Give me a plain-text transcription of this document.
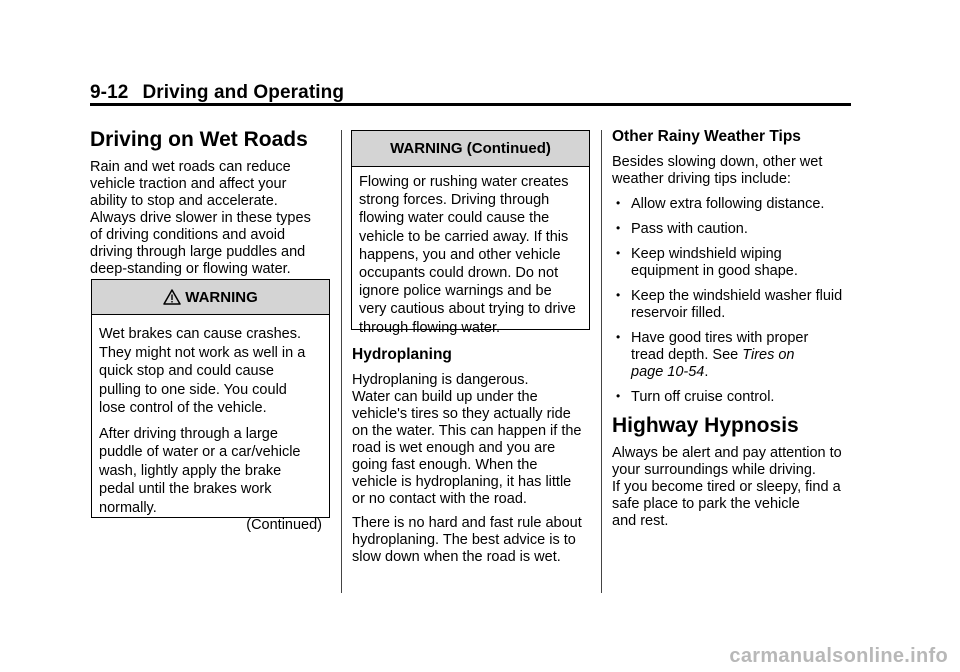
9-12 Driving and Operating
Driving on Wet Roads
Rain and wet roads can reduce
vehicle traction and affect your
ability to stop and accelerate.
Always drive slower in these types
of driving conditions and avoid
driving through large puddles and
deep-standing or flowing water.
WARNING

Wet brakes can cause crashes.
They might not work as well in a
quick stop and could cause
pulling to one side. You could
lose control of the vehicle.

After driving through a large
puddle of water or a car/vehicle
wash, lightly apply the brake
pedal until the brakes work
normally.

(Continued)
WARNING (Continued)
Flowing or rushing water creates
strong forces. Driving through
flowing water could cause the
vehicle to be carried away. If this
happens, you and other vehicle
occupants could drown. Do not
ignore police warnings and be
very cautious about trying to drive
through flowing water.
Hydroplaning
Hydroplaning is dangerous.
Water can build up under the
vehicle's tires so they actually ride
on the water. This can happen if the
road is wet enough and you are
going fast enough. When the
vehicle is hydroplaning, it has little
or no contact with the road.
There is no hard and fast rule about
hydroplaning. The best advice is to
slow down when the road is wet.
Other Rainy Weather Tips
Besides slowing down, other wet
weather driving tips include:
• Allow extra following distance.
• Pass with caution.
• Keep windshield wiping
equipment in good shape.
• Keep the windshield washer fluid
reservoir filled.
• Have good tires with proper
tread depth. See Tires on
page 10-54.
• Turn off cruise control.
Highway Hypnosis
Always be alert and pay attention to
your surroundings while driving.
If you become tired or sleepy, find a
safe place to park the vehicle
and rest.
carmanualsonline.info
